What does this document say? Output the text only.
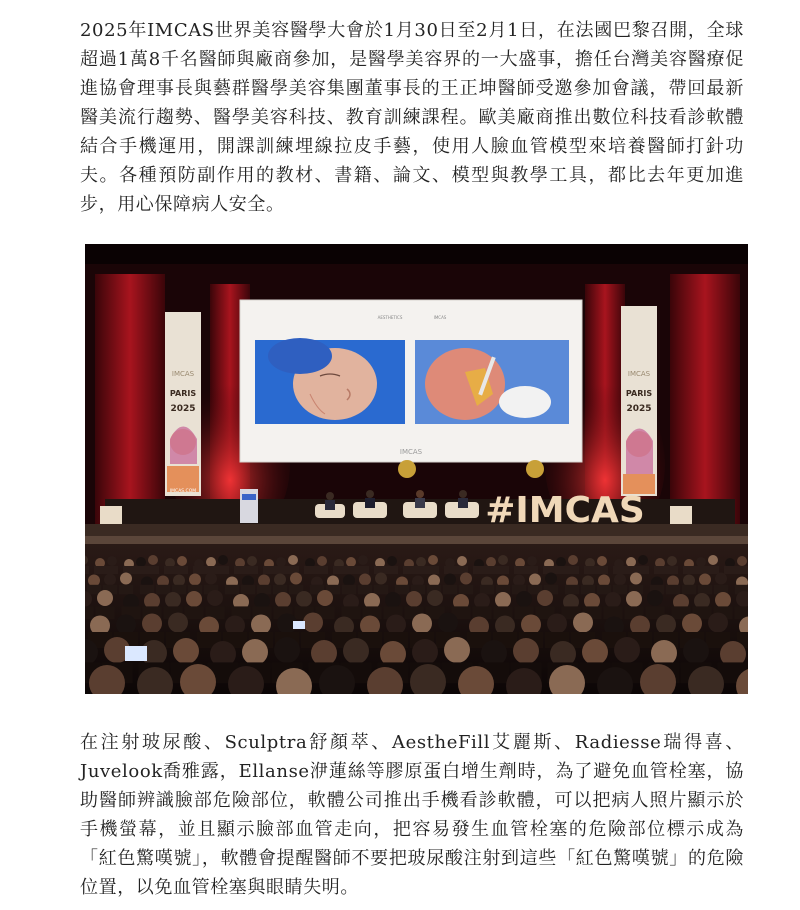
2025年IMCAS世界美容醫學大會於1月30日至2月1日，在法國巴黎召開，全球超過1萬8千名醫師與廠商參加，是醫學美容界的一大盛事，擔任台灣美容醫療促進協會理事長與藝群醫學美容集團董事長的王正坤醫師受邀參加會議，帶回最新醫美流行趨勢、醫學美容科技、教育訓練課程。歐美廠商推出數位科技看診軟體結合手機運用，開課訓練埋線拉皮手藝，使用人臉血管模型來培養醫師打針功夫。各種預防副作用的教材、書籍、論文、模型與教學工具，都比去年更加進步，用心保障病人安全。

IMCAS
PARIS
2025
IMCAS.COM
IMCAS
PARIS
2025
AESTHETICS	IMCAS
IMCAS
#IMCAS

在注射玻尿酸、Sculptra舒顏萃、AestheFill艾麗斯、Radiesse瑞得喜、Juvelook喬雅露，Ellanse洢蓮絲等膠原蛋白增生劑時，為了避免血管栓塞，協助醫師辨識臉部危險部位，軟體公司推出手機看診軟體，可以把病人照片顯示於手機螢幕，並且顯示臉部血管走向，把容易發生血管栓塞的危險部位標示成為「紅色驚嘆號」，軟體會提醒醫師不要把玻尿酸注射到這些「紅色驚嘆號」的危險位置，以免血管栓塞與眼睛失明。
